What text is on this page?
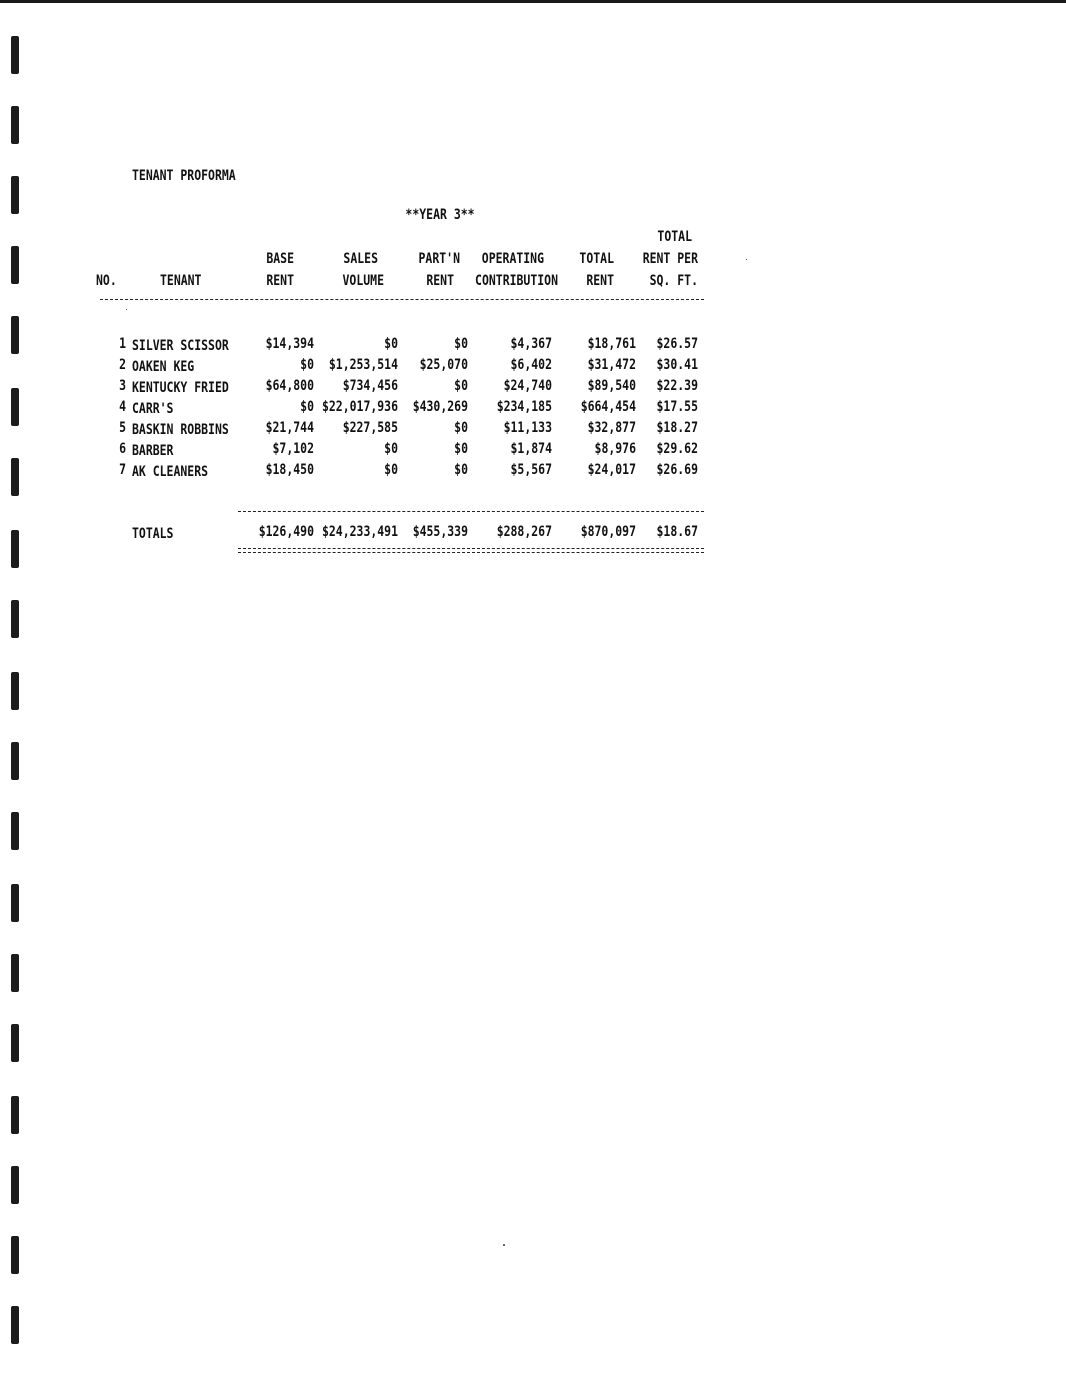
TENANT PROFORMA
**YEAR 3**
TOTAL
BASE	SALES	PART'N	OPERATING	TOTAL	RENT PER
NO.	TENANT	RENT	VOLUME	RENT	CONTRIBUTION	RENT	SQ. FT.
1 SILVER SCISSOR	$14,394	$0	$0	$4,367	$18,761	$26.57
2 OAKEN KEG	$0	$1,253,514	$25,070	$6,402	$31,472	$30.41
3 KENTUCKY FRIED	$64,800	$734,456	$0	$24,740	$89,540	$22.39
4 CARR'S	$0 $22,017,936	$430,269	$234,185	$664,454	$17.55
5 BASKIN ROBBINS	$21,744	$227,585	$0	$11,133	$32,877	$18.27
6 BARBER	$7,102	$0	$0	$1,874	$8,976	$29.62
7 AK CLEANERS	$18,450	$0	$0	$5,567	$24,017	$26.69
TOTALS	$126,490 $24,233,491	$455,339	$288,267	$870,097	$18.67
